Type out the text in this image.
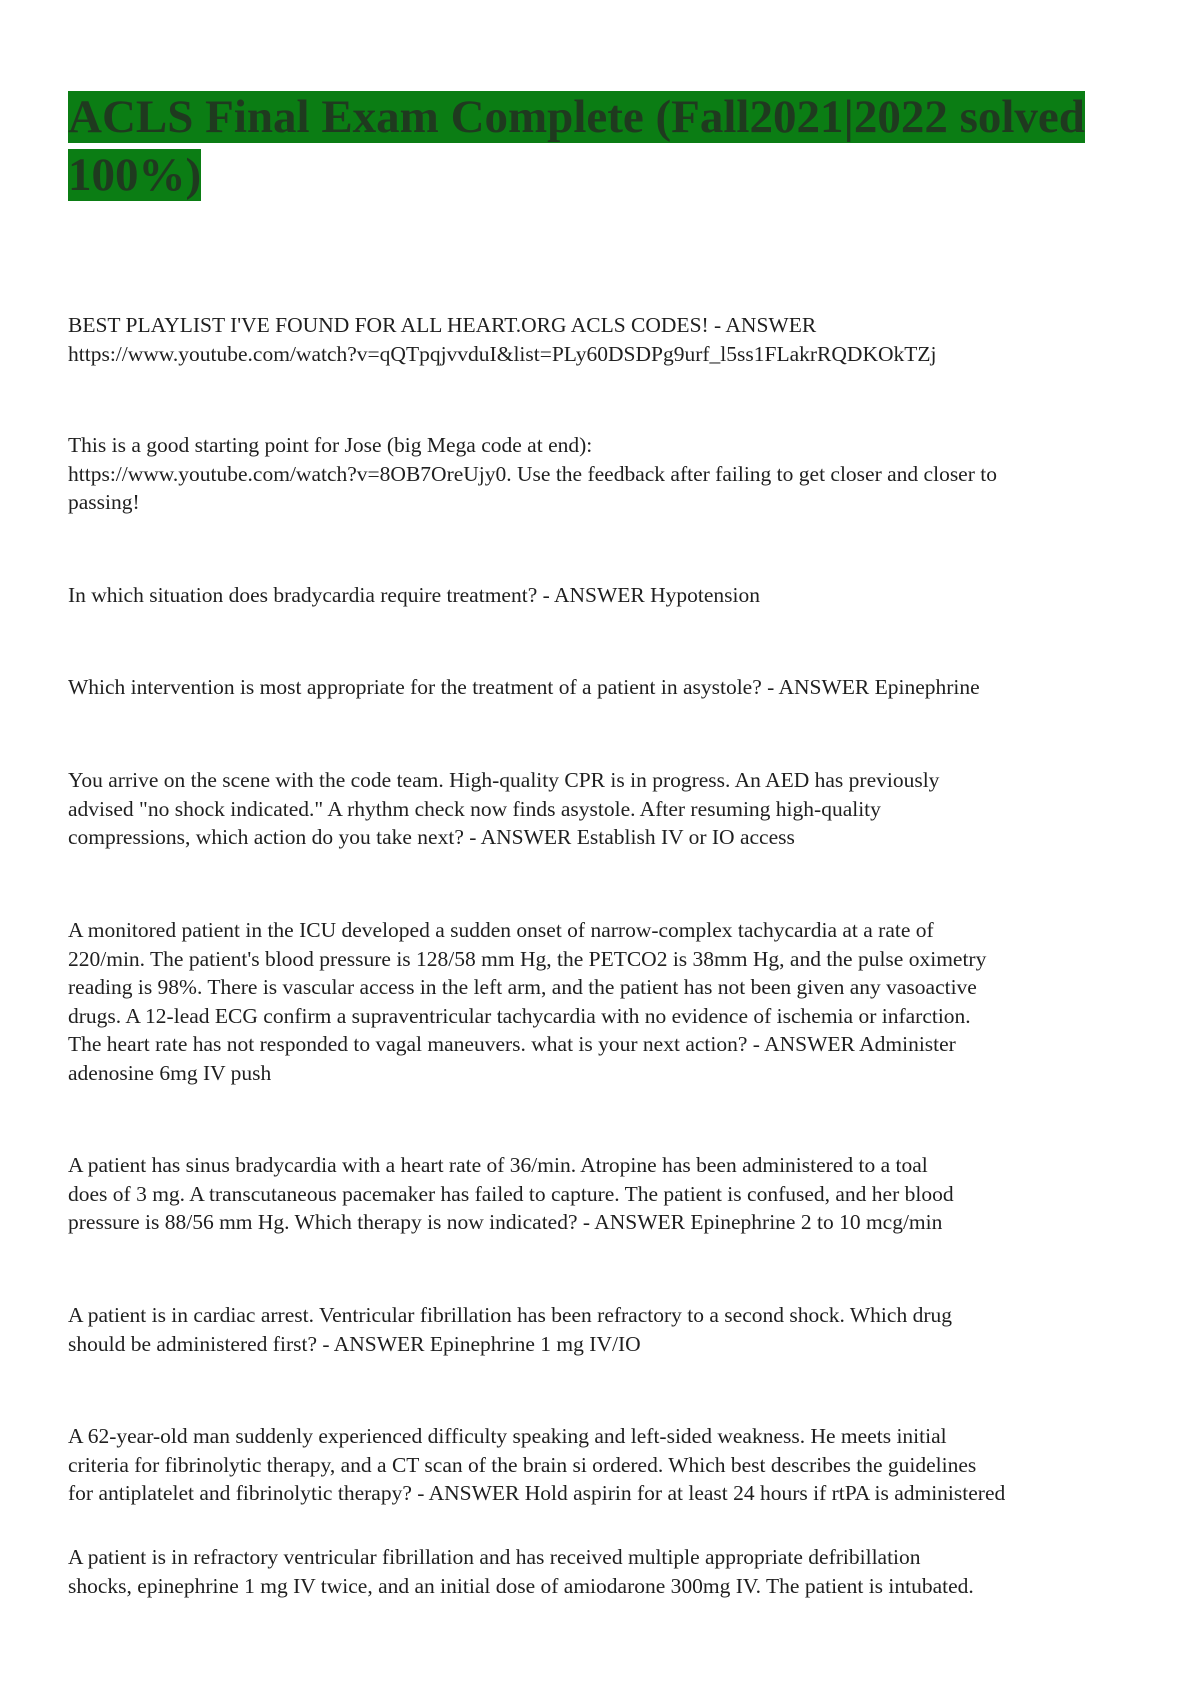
ACLS Final Exam Complete (Fall2021|2022 solved
100%)

BEST PLAYLIST I'VE FOUND FOR ALL HEART.ORG ACLS CODES! - ANSWER
https://www.youtube.com/watch?v=qQTpqjvvduI&list=PLy60DSDPg9urf_l5ss1FLakrRQDKOkTZj

This is a good starting point for Jose (big Mega code at end):
https://www.youtube.com/watch?v=8OB7OreUjy0. Use the feedback after failing to get closer and closer to
passing!

In which situation does bradycardia require treatment? - ANSWER Hypotension

Which intervention is most appropriate for the treatment of a patient in asystole? - ANSWER Epinephrine

You arrive on the scene with the code team. High-quality CPR is in progress. An AED has previously
advised "no shock indicated." A rhythm check now finds asystole. After resuming high-quality
compressions, which action do you take next? - ANSWER Establish IV or IO access

A monitored patient in the ICU developed a sudden onset of narrow-complex tachycardia at a rate of
220/min. The patient's blood pressure is 128/58 mm Hg, the PETCO2 is 38mm Hg, and the pulse oximetry
reading is 98%. There is vascular access in the left arm, and the patient has not been given any vasoactive
drugs. A 12-lead ECG confirm a supraventricular tachycardia with no evidence of ischemia or infarction.
The heart rate has not responded to vagal maneuvers. what is your next action? - ANSWER Administer
adenosine 6mg IV push

A patient has sinus bradycardia with a heart rate of 36/min. Atropine has been administered to a toal
does of 3 mg. A transcutaneous pacemaker has failed to capture. The patient is confused, and her blood
pressure is 88/56 mm Hg. Which therapy is now indicated? - ANSWER Epinephrine 2 to 10 mcg/min

A patient is in cardiac arrest. Ventricular fibrillation has been refractory to a second shock. Which drug
should be administered first? - ANSWER Epinephrine 1 mg IV/IO

A 62-year-old man suddenly experienced difficulty speaking and left-sided weakness. He meets initial
criteria for fibrinolytic therapy, and a CT scan of the brain si ordered. Which best describes the guidelines
for antiplatelet and fibrinolytic therapy? - ANSWER Hold aspirin for at least 24 hours if rtPA is administered

A patient is in refractory ventricular fibrillation and has received multiple appropriate defribillation
shocks, epinephrine 1 mg IV twice, and an initial dose of amiodarone 300mg IV. The patient is intubated.
